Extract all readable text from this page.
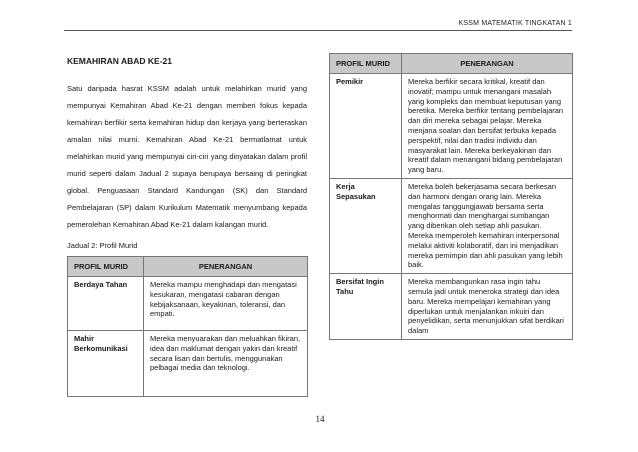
KSSM MATEMATIK TINGKATAN 1

KEMAHIRAN ABAD KE-21

Satu daripada hasrat KSSM adalah untuk melahirkan murid yang mempunyai Kemahiran Abad Ke-21 dengan memberi fokus kepada kemahiran berfikir serta kemahiran hidup dan kerjaya yang berteraskan amalan nilai murni. Kemahiran Abad Ke-21 bermatlamat untuk melahirkan murid yang mempunyai ciri-ciri yang dinyatakan dalam profil murid seperti dalam Jadual 2 supaya berupaya bersaing di peringkat global. Penguasaan Standard Kandungan (SK) dan Standard Pembelajaran (SP) dalam Kurikulum Matematik menyumbang kepada pemerolehan Kemahiran Abad Ke-21 dalam kalangan murid.
Jadual 2: Profil Murid
PROFIL MURID	PENERANGAN
Berdaya Tahan	Mereka mampu menghadapi dan mengatasi kesukaran, mengatasi cabaran dengan kebijaksanaan, keyakinan, toleransi, dan empati.
Mahir Berkomunikasi	Mereka menyuarakan dan meluahkan fikiran, idea dan maklumat dengan yakin dan kreatif secara lisan dan bertulis, menggunakan pelbagai media dan teknologi.
PROFIL MURID	PENERANGAN
Pemikir	Mereka berfikir secara kritikal, kreatif dan inovatif; mampu untuk menangani masalah yang kompleks dan membuat keputusan yang beretika. Mereka berfikir tentang pembelajaran dan diri mereka sebagai pelajar. Mereka menjana soalan dan bersifat terbuka kepada perspektif, nilai dan tradisi individu dan masyarakat lain. Mereka berkeyakinan dan kreatif dalam menangani bidang pembelajaran yang baru.
Kerja Sepasukan	Mereka boleh bekerjasama secara berkesan dan harmoni dengan orang lain. Mereka mengalas tanggungjawab bersama serta menghormati dan menghargai sumbangan yang diberikan oleh setiap ahli pasukan. Mereka memperoleh kemahiran interpersonal melalui aktiviti kolaboratif, dan ini menjadikan mereka pemimpin dan ahli pasukan yang lebih baik.
Bersifat Ingin Tahu	Mereka membangunkan rasa ingin tahu semula jadi untuk meneroka strategi dan idea baru. Mereka mempelajari kemahiran yang diperlukan untuk menjalankan inkuiri dan penyelidikan, serta menunjukkan sifat berdikari dalam
14
